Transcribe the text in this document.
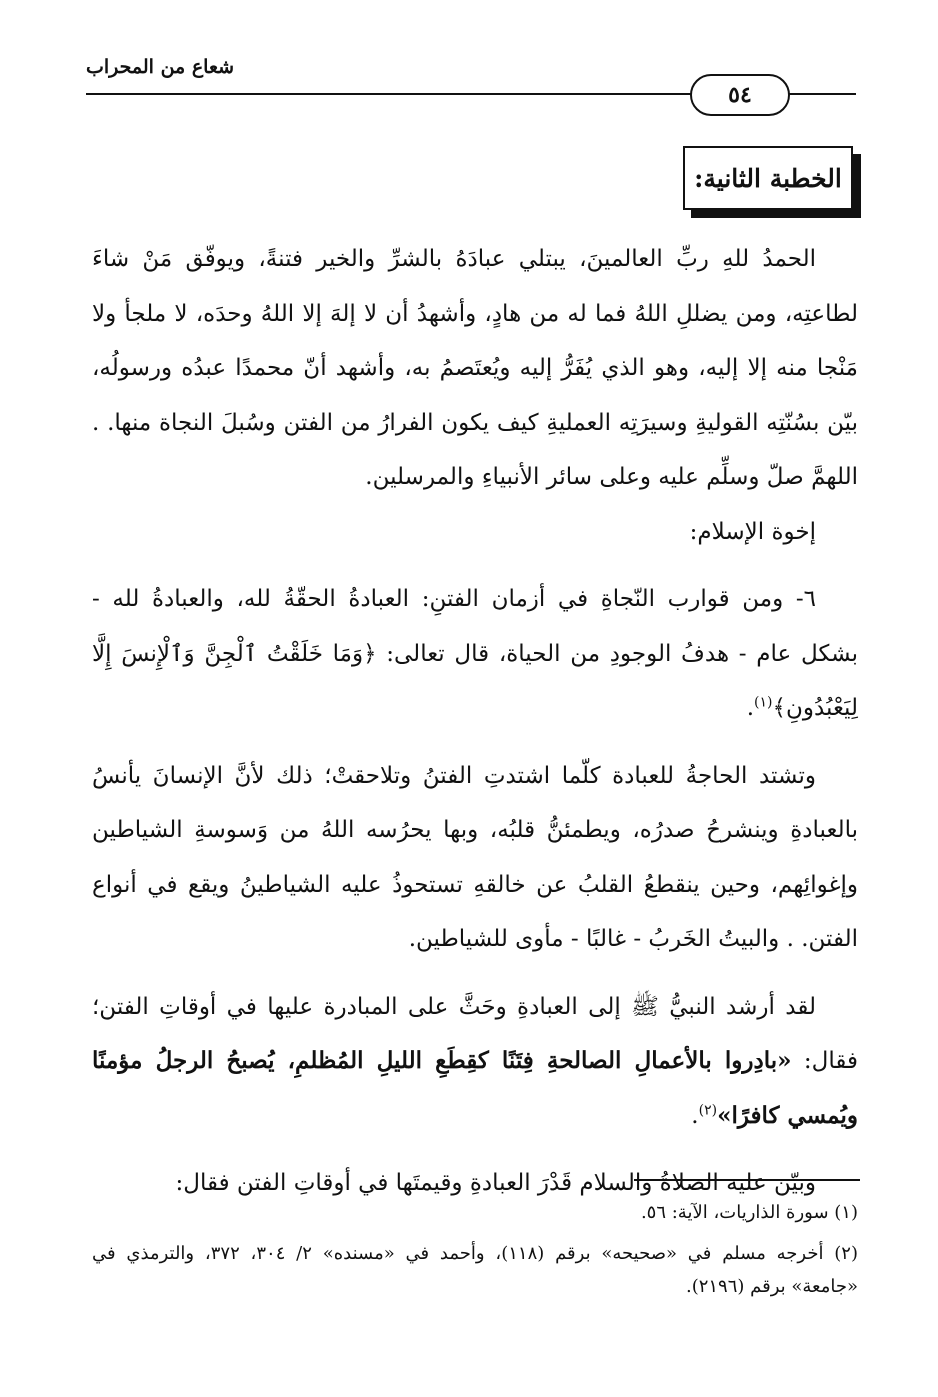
شعاع من المحراب
٥٤
الخطبة الثانية:

الحمدُ للهِ ربِّ العالمينَ، يبتلي عبادَهُ بالشرِّ والخير فتنةً، ويوفّق مَنْ شاءَ لطاعتِه، ومن يضللِ اللهُ فما له من هادٍ، وأشهدُ أن لا إلهَ إلا اللهُ وحدَه، لا ملجأ ولا مَنْجا منه إلا إليه، وهو الذي يُفَرُّ إليه ويُعتَصمُ به، وأشهد أنّ محمدًا عبدُه ورسولُه، بيّن بسُنّتِه القوليةِ وسيرَتِه العمليةِ كيف يكون الفرارُ من الفتن وسُبلَ النجاة منها. . اللهمَّ صلّ وسلِّم عليه وعلى سائر الأنبياءِ والمرسلين.

إخوة الإسلام:

٦- ومن قوارب النّجاةِ في أزمان الفتنِ: العبادةُ الحقّةُ لله، والعبادةُ لله - بشكل عام - هدفُ الوجودِ من الحياة، قال تعالى: ﴿وَمَا خَلَقْتُ ٱلْجِنَّ وَٱلْإِنسَ إِلَّا لِيَعْبُدُونِ﴾$^{(١)}$.

وتشتد الحاجةُ للعبادة كلّما اشتدتِ الفتنُ وتلاحقتْ؛ ذلك لأنَّ الإنسانَ يأنسُ بالعبادةِ وينشرحُ صدرُه، ويطمئنُّ قلبُه، وبها يحرُسه اللهُ من وَسوسةِ الشياطين وإغوائِهم، وحين ينقطعُ القلبُ عن خالقهِ تستحوذُ عليه الشياطينُ ويقع في أنواع الفتن. . والبيتُ الخَربُ - غالبًا - مأوى للشياطين.

لقد أرشد النبيُّ ﷺ إلى العبادةِ وحَثَّ على المبادرة عليها في أوقاتِ الفتن؛ فقال: «بادِروا بالأعمالِ الصالحةِ فِتَنًا كقِطَعِ الليلِ المُظلمِ، يُصبحُ الرجلُ مؤمنًا ويُمسي كافرًا»$^{(٢)}$.

وبيّن عليه الصلاةُ والسلام قَدْرَ العبادةِ وقيمتَها في أوقاتِ الفتن فقال:

(١) سورة الذاريات، الآية: ٥٦.

(٢) أخرجه مسلم في «صحيحه» برقم (١١٨)، وأحمد في «مسنده» ٢/ ٣٠٤، ٣٧٢، والترمذي في «جامعة» برقم (٢١٩٦).
